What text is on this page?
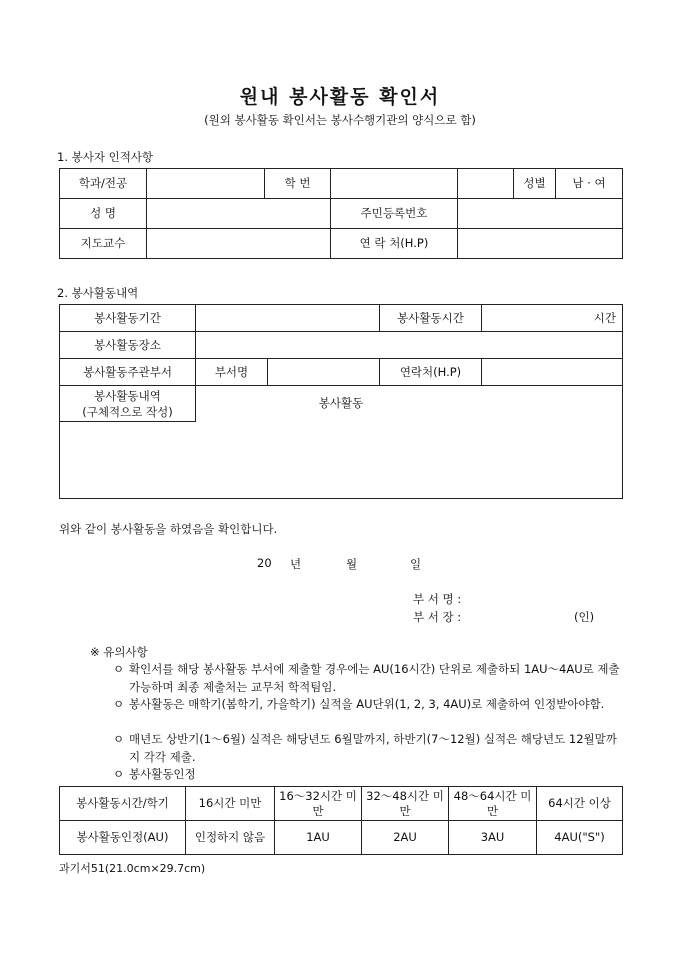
원내 봉사활동 확인서
(원외 봉사활동 확인서는 봉사수행기관의 양식으로 함)
1. 봉사자 인적사항
학과/전공		학 번			성별	남 · 여
성 명			주민등록번호			
지도교수			연 락 처(H.P)			
2. 봉사활동내역
봉사활동기간			봉사활동시간	시간
봉사활동장소				
봉사활동주관부서	부서명		연락처(H.P)	

봉사활동내역
(구체적으로 작성)
봉사활동				
위와 같이 봉사활동을 하였음을 확인합니다.
20 년	월	일
부 서 명 :
부 서 장 :	(인)
※ 유의사항
ㅇ 확인서를 해당 봉사활동 부서에 제출할 경우에는 AU(16시간) 단위로 제출하되 1AU～4AU로 제출 가능하며 최종 제출처는 교무처 학적팀임.
ㅇ 봉사활동은 매학기(봄학기, 가을학기) 실적을 AU단위(1, 2, 3, 4AU)로 제출하여 인정받아야함.
ㅇ 매년도 상반기(1～6월) 실적은 해당년도 6월말까지, 하반기(7～12월) 실적은 해당년도 12월말까지 각각 제출.
ㅇ 봉사활동인정
봉사활동시간/학기	16시간 미만	16～32시간 미만	32～48시간 미만	48～64시간 미만	64시간 이상
봉사활동인정(AU)	인정하지 않음	1AU	2AU	3AU	4AU("S")
과기서51(21.0cm×29.7cm)
